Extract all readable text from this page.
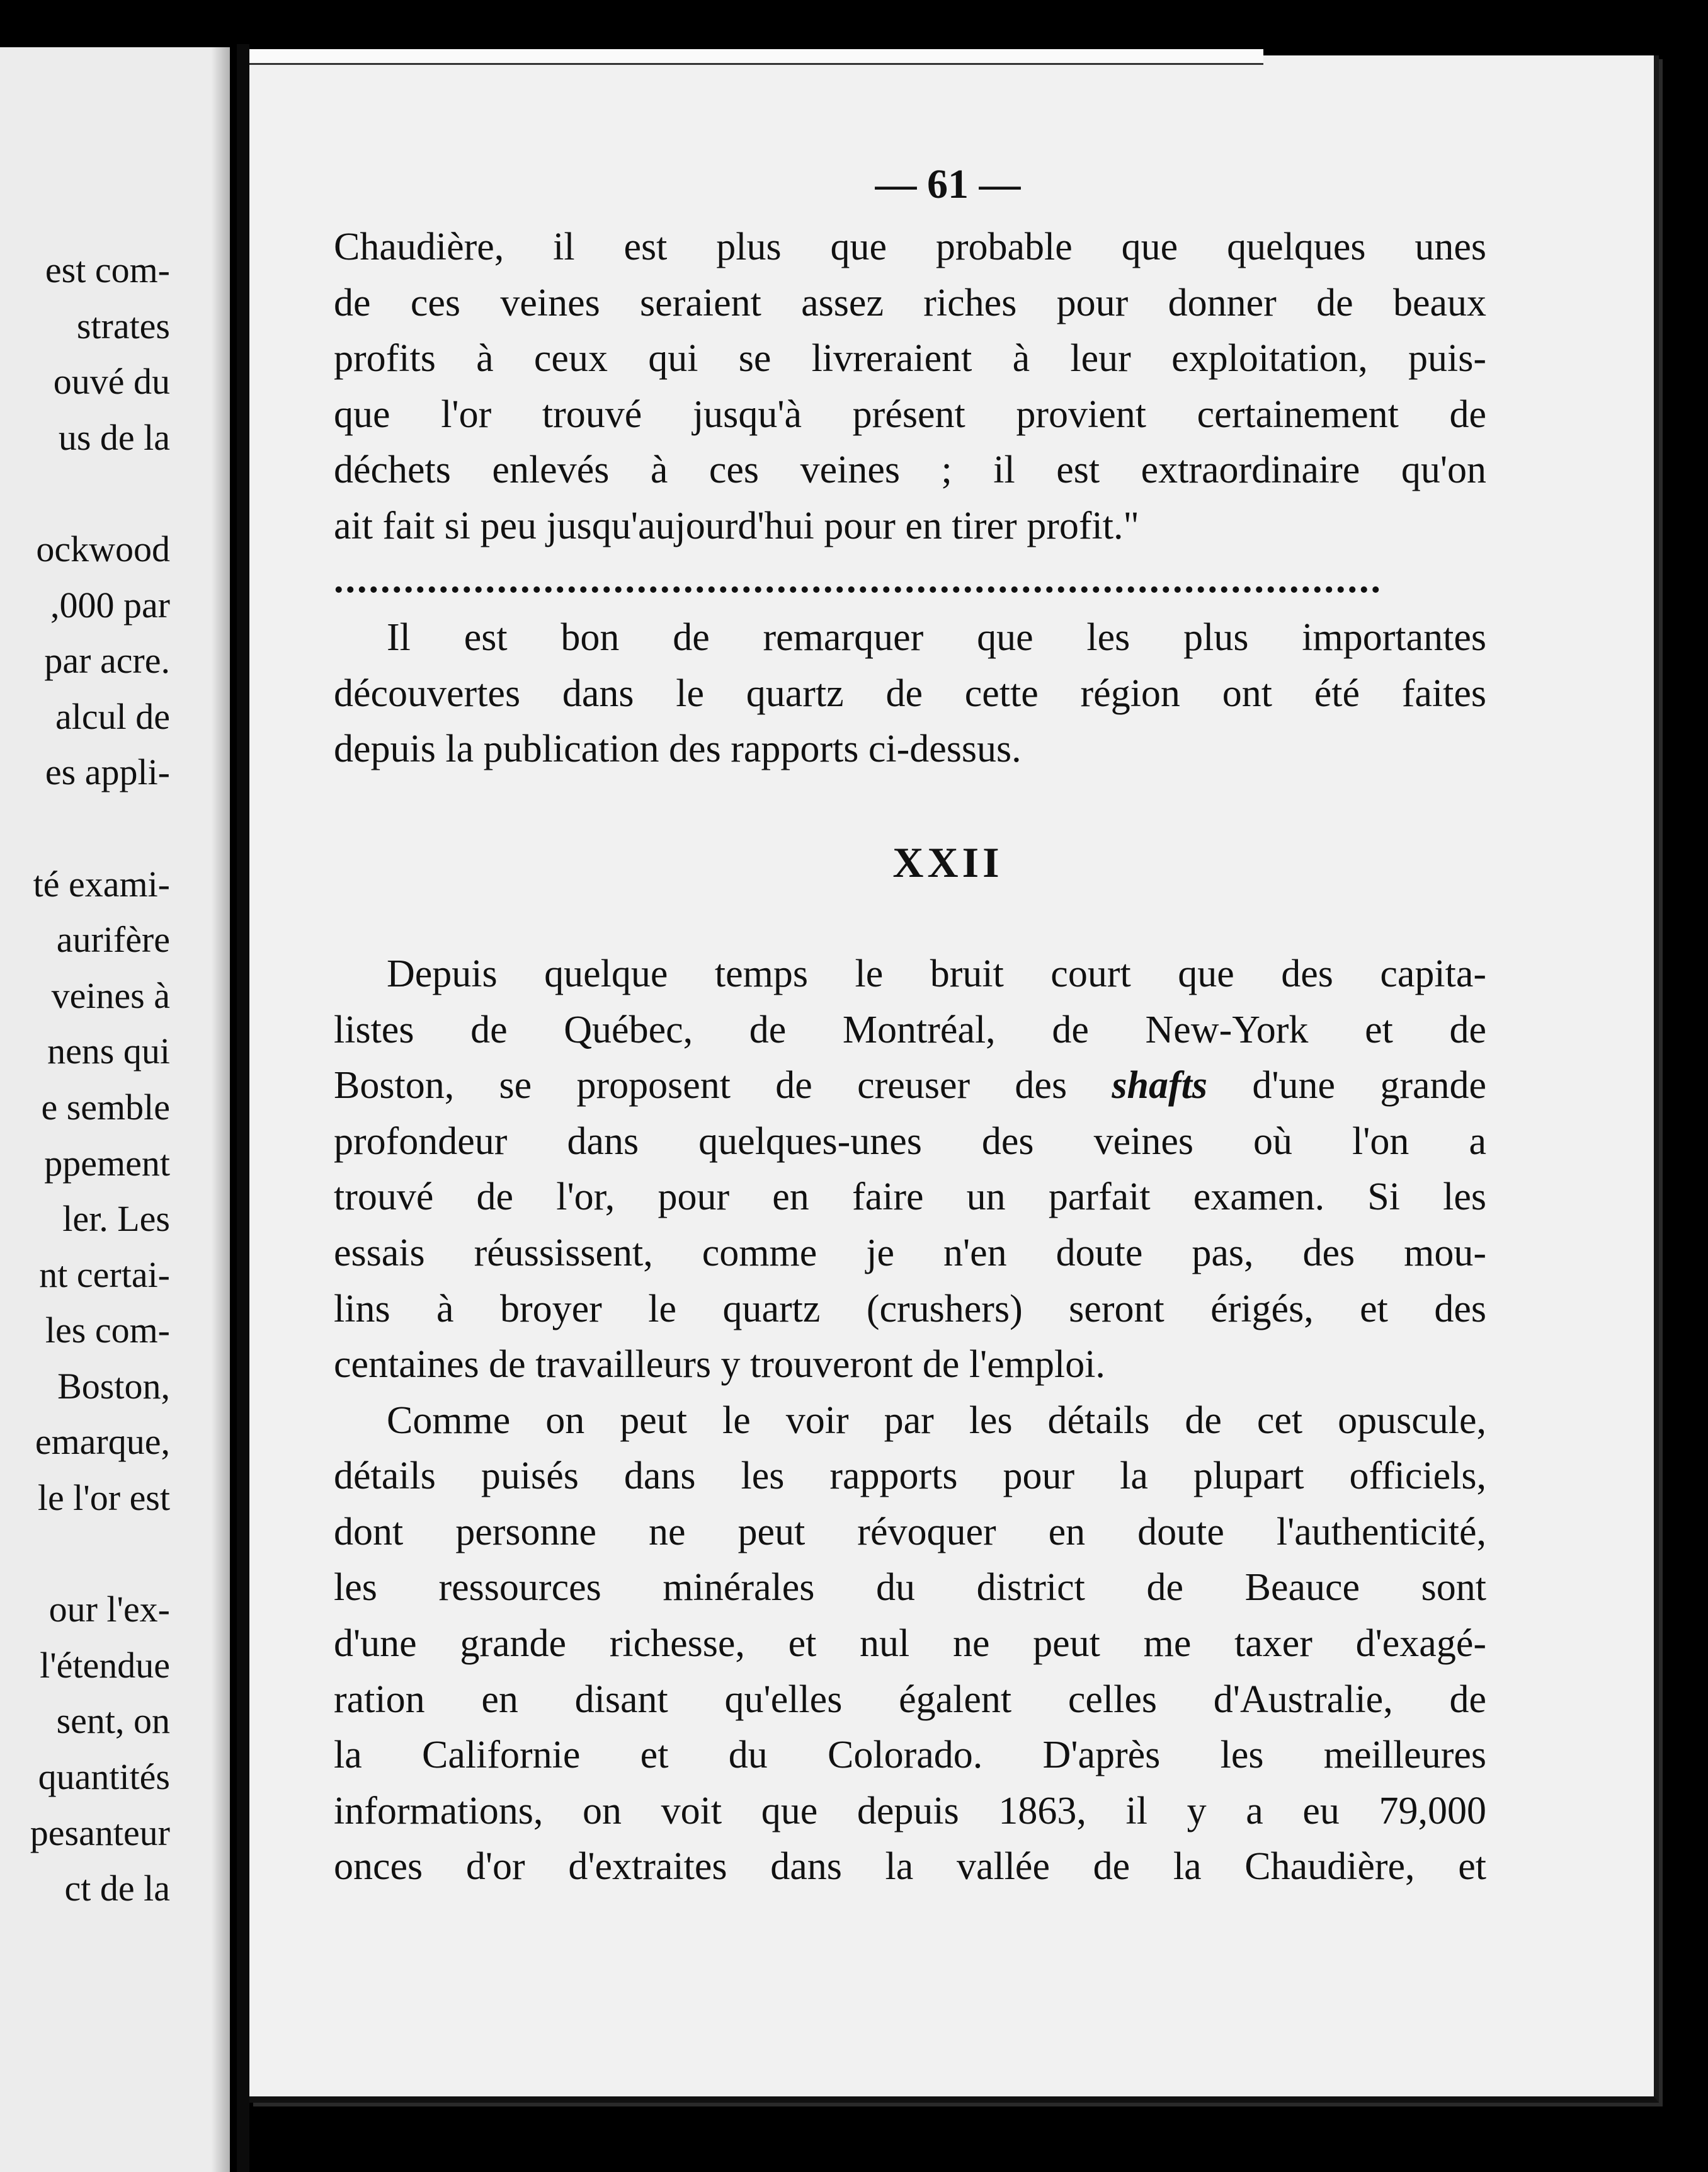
est com-
strates
ouvé du
us de la
ockwood
,000 par
par acre.
alcul de
es appli-
té exami-
aurifère
veines à
nens qui
e semble
ppement
ler. Les
nt certai-
les com-
Boston,
emarque,
le l'or est
our l'ex-
l'étendue
sent, on
quantités
pesanteur
ct de la
— 61 —
Chaudière, il est plus que probable que quelques unes
de ces veines seraient assez riches pour donner de beaux
profits à ceux qui se livreraient à leur exploitation, puis-
que l'or trouvé jusqu'à présent provient certainement de
déchets enlevés à ces veines ; il est extraordinaire qu'on
ait fait si peu jusqu'aujourd'hui pour en tirer profit."
..........................................................................................
Il est bon de remarquer que les plus importantes
découvertes dans le quartz de cette région ont été faites
depuis la publication des rapports ci-dessus.
XXII
Depuis quelque temps le bruit court que des capita-
listes de Québec, de Montréal, de New-York et de
Boston, se proposent de creuser des shafts d'une grande
profondeur dans quelques-unes des veines où l'on a
trouvé de l'or, pour en faire un parfait examen. Si les
essais réussissent, comme je n'en doute pas, des mou-
lins à broyer le quartz (crushers) seront érigés, et des
centaines de travailleurs y trouveront de l'emploi.
Comme on peut le voir par les détails de cet opuscule,
détails puisés dans les rapports pour la plupart officiels,
dont personne ne peut révoquer en doute l'authenticité,
les ressources minérales du district de Beauce sont
d'une grande richesse, et nul ne peut me taxer d'exagé-
ration en disant qu'elles égalent celles d'Australie, de
la Californie et du Colorado. D'après les meilleures
informations, on voit que depuis 1863, il y a eu 79,000
onces d'or d'extraites dans la vallée de la Chaudière, et
